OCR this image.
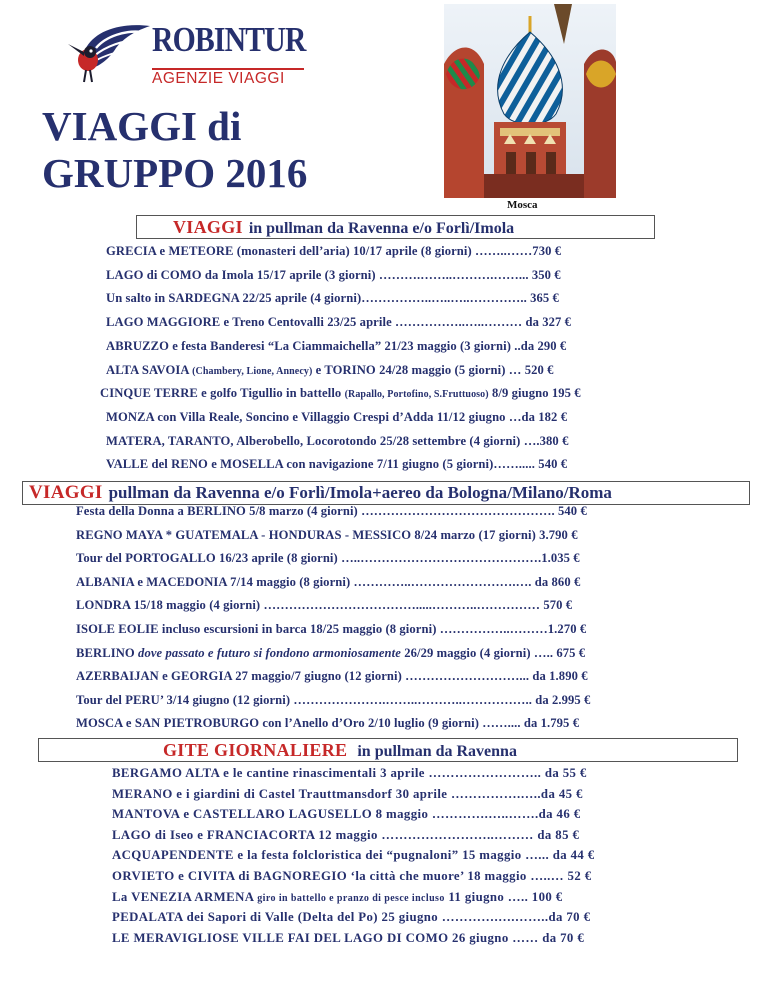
ROBINTUR
AGENZIE VIAGGI
VIAGGI di
GRUPPO 2016
Mosca
VIAGGI in pullman da Ravenna e/o Forlì/Imola
GRECIA e METEORE (monasteri dell’aria) 10/17 aprile (8 giorni) ……..……730 €
LAGO di COMO da Imola 15/17 aprile (3 giorni) ……….……..……….……... 350 €
Un salto in SARDEGNA 22/25 aprile (4 giorni)……………..…..…..………….. 365 €
LAGO MAGGIORE e Treno Centovalli 23/25 aprile ……………..…..……… da 327 €
ABRUZZO e festa Banderesi “La Ciammaichella” 21/23 maggio (3 giorni) ..da 290 €
ALTA SAVOIA (Chambery, Lione, Annecy) e TORINO 24/28 maggio (5 giorni) … 520 €
CINQUE TERRE e golfo Tigullio in battello (Rapallo, Portofino, S.Fruttuoso) 8/9 giugno 195 €
MONZA con Villa Reale, Soncino e Villaggio Crespi d’Adda 11/12 giugno …da 182 €
MATERA, TARANTO, Alberobello, Locorotondo 25/28 settembre (4 giorni) ….380 €
VALLE del RENO e MOSELLA con navigazione 7/11 giugno (5 giorni)……..... 540 €
VIAGGI pullman da Ravenna e/o Forlì/Imola+aereo da Bologna/Milano/Roma
Festa della Donna a BERLINO 5/8 marzo (4 giorni) ………………………………………. 540 €
REGNO MAYA * GUATEMALA - HONDURAS - MESSICO 8/24 marzo (17 giorni) 3.790 €
Tour del PORTOGALLO 16/23 aprile (8 giorni) …..…………………………………….1.035 €
ALBANIA e MACEDONIA 7/14 maggio (8 giorni) …………..…………………….…. da 860 €
LONDRA 15/18 maggio (4 giorni) ……………………………….....………..…………… 570 €
ISOLE EOLIE incluso escursioni in barca 18/25 maggio (8 giorni) ……………..………1.270 €
BERLINO dove passato e futuro si fondono armoniosamente 26/29 maggio (4 giorni) ….. 675 €
AZERBAIJAN e GEORGIA 27 maggio/7 giugno (12 giorni) ………………………... da 1.890 €
Tour del PERU’ 3/14 giugno (12 giorni) ………………….……..………..…………….. da 2.995 €
MOSCA e SAN PIETROBURGO con l’Anello d’Oro 2/10 luglio (9 giorni) …….... da 1.795 €
GITE GIORNALIERE in pullman da Ravenna
BERGAMO ALTA e le cantine rinascimentali 3 aprile …………………….. da 55 €
MERANO e i giardini di Castel Trauttmansdorf 30 aprile …………….…..da 45 €
MANTOVA e CASTELLARO LAGUSELLO 8 maggio ………….…..…….da 46 €
LAGO di Iseo e FRANCIACORTA 12 maggio ……………………..……… da 85 €
ACQUAPENDENTE e la festa folcloristica dei “pugnaloni” 15 maggio …... da 44 €
ORVIETO e CIVITA di BAGNOREGIO ‘la città che muore’ 18 maggio …..… 52 €
La VENEZIA ARMENA giro in battello e pranzo di pesce incluso 11 giugno ….. 100 €
PEDALATA dei Sapori di Valle (Delta del Po) 25 giugno ………….….……..da 70 €
LE MERAVIGLIOSE VILLE FAI DEL LAGO DI COMO 26 giugno …… da 70 €
